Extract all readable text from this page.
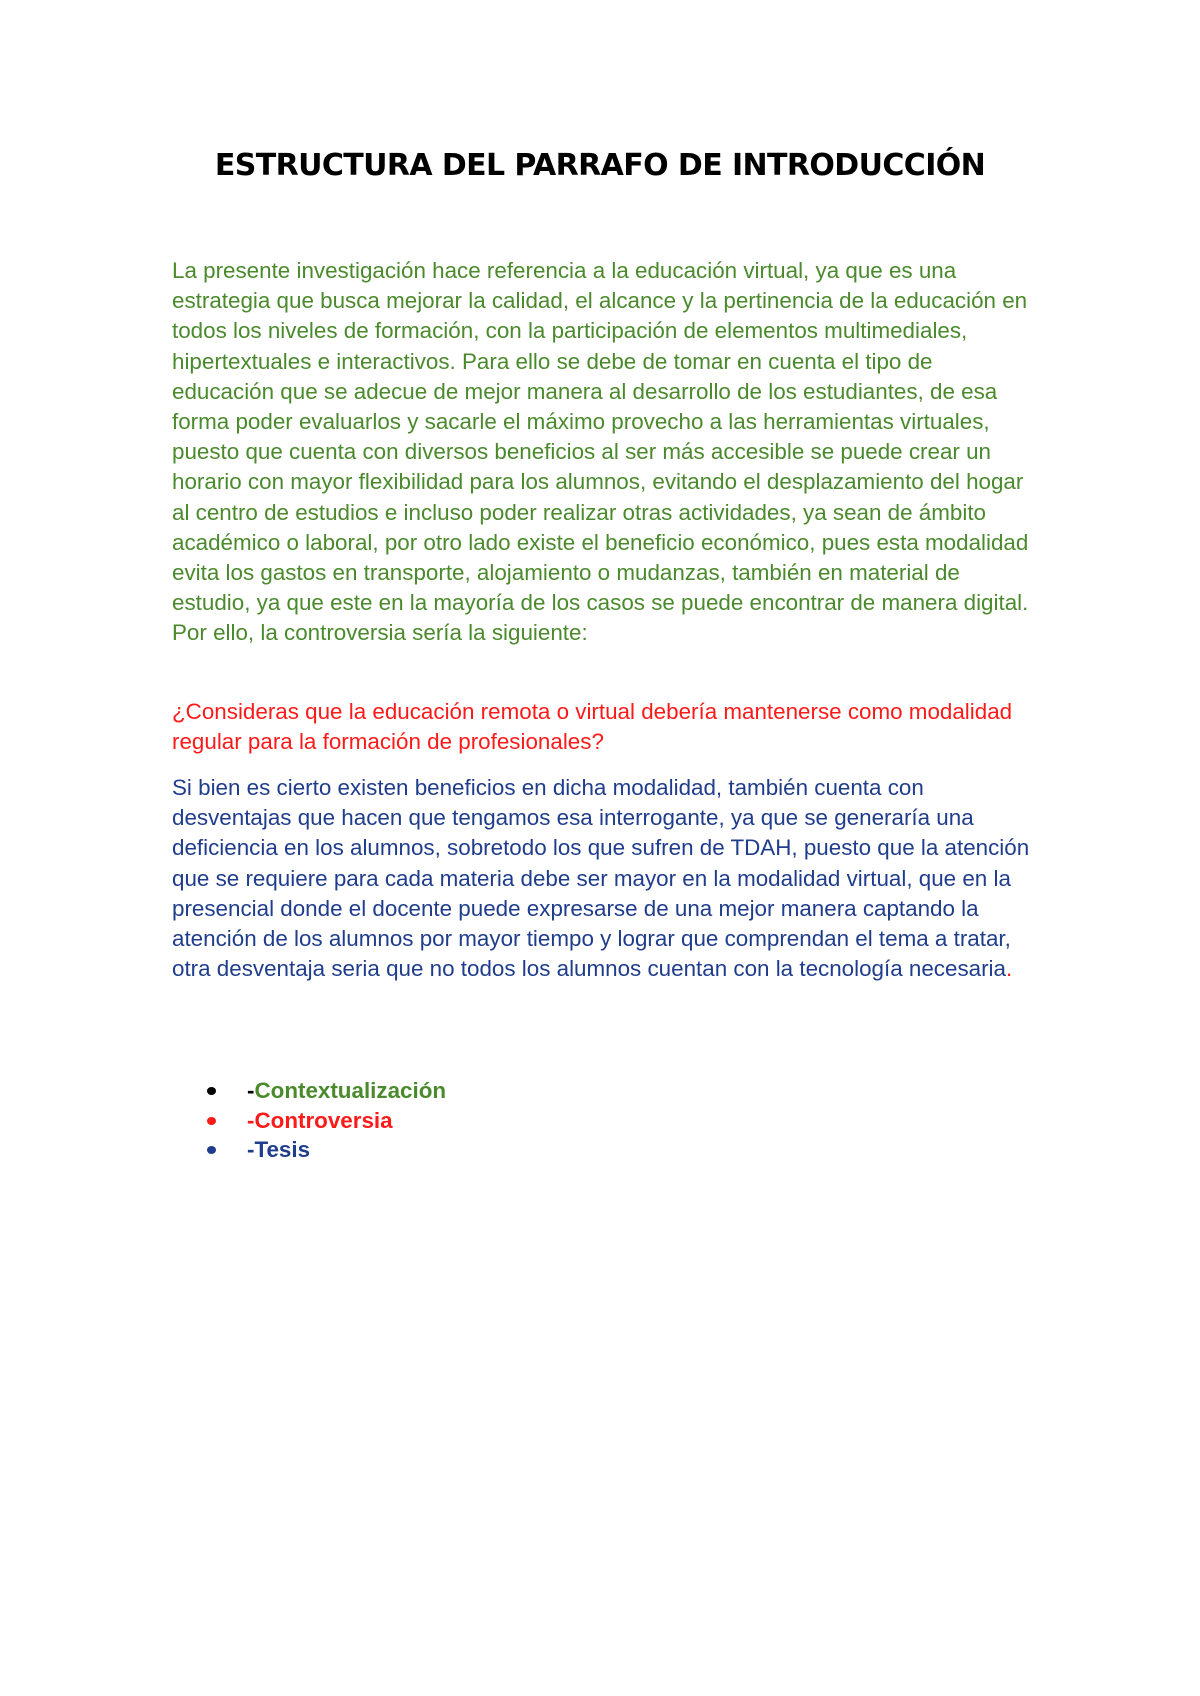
ESTRUCTURA DEL PARRAFO DE INTRODUCCIÓN

La presente investigación hace referencia a la educación virtual, ya que es una estrategia que busca mejorar la calidad, el alcance y la pertinencia de la educación en todos los niveles de formación, con la participación de elementos multimediales, hipertextuales e interactivos. Para ello se debe de tomar en cuenta el tipo de educación que se adecue de mejor manera al desarrollo de los estudiantes, de esa forma poder evaluarlos y sacarle el máximo provecho a las herramientas virtuales, puesto que cuenta con diversos beneficios al ser más accesible se puede crear un horario con mayor flexibilidad para los alumnos, evitando el desplazamiento del hogar al centro de estudios e incluso poder realizar otras actividades, ya sean de ámbito académico o laboral, por otro lado existe el beneficio económico, pues esta modalidad evita los gastos en transporte, alojamiento o mudanzas, también en material de estudio, ya que este en la mayoría de los casos se puede encontrar de manera digital. Por ello, la controversia sería la siguiente:

¿Consideras que la educación remota o virtual debería mantenerse como modalidad regular para la formación de profesionales?

Si bien es cierto existen beneficios en dicha modalidad, también cuenta con desventajas que hacen que tengamos esa interrogante, ya que se generaría una deficiencia en los alumnos, sobretodo los que sufren de TDAH, puesto que la atención que se requiere para cada materia debe ser mayor en la modalidad virtual, que en la presencial donde el docente puede expresarse de una mejor manera captando la atención de los alumnos por mayor tiempo y lograr que comprendan el tema a tratar, otra desventaja seria que no todos los alumnos cuentan con la tecnología necesaria.

-Contextualización
-Controversia
-Tesis
